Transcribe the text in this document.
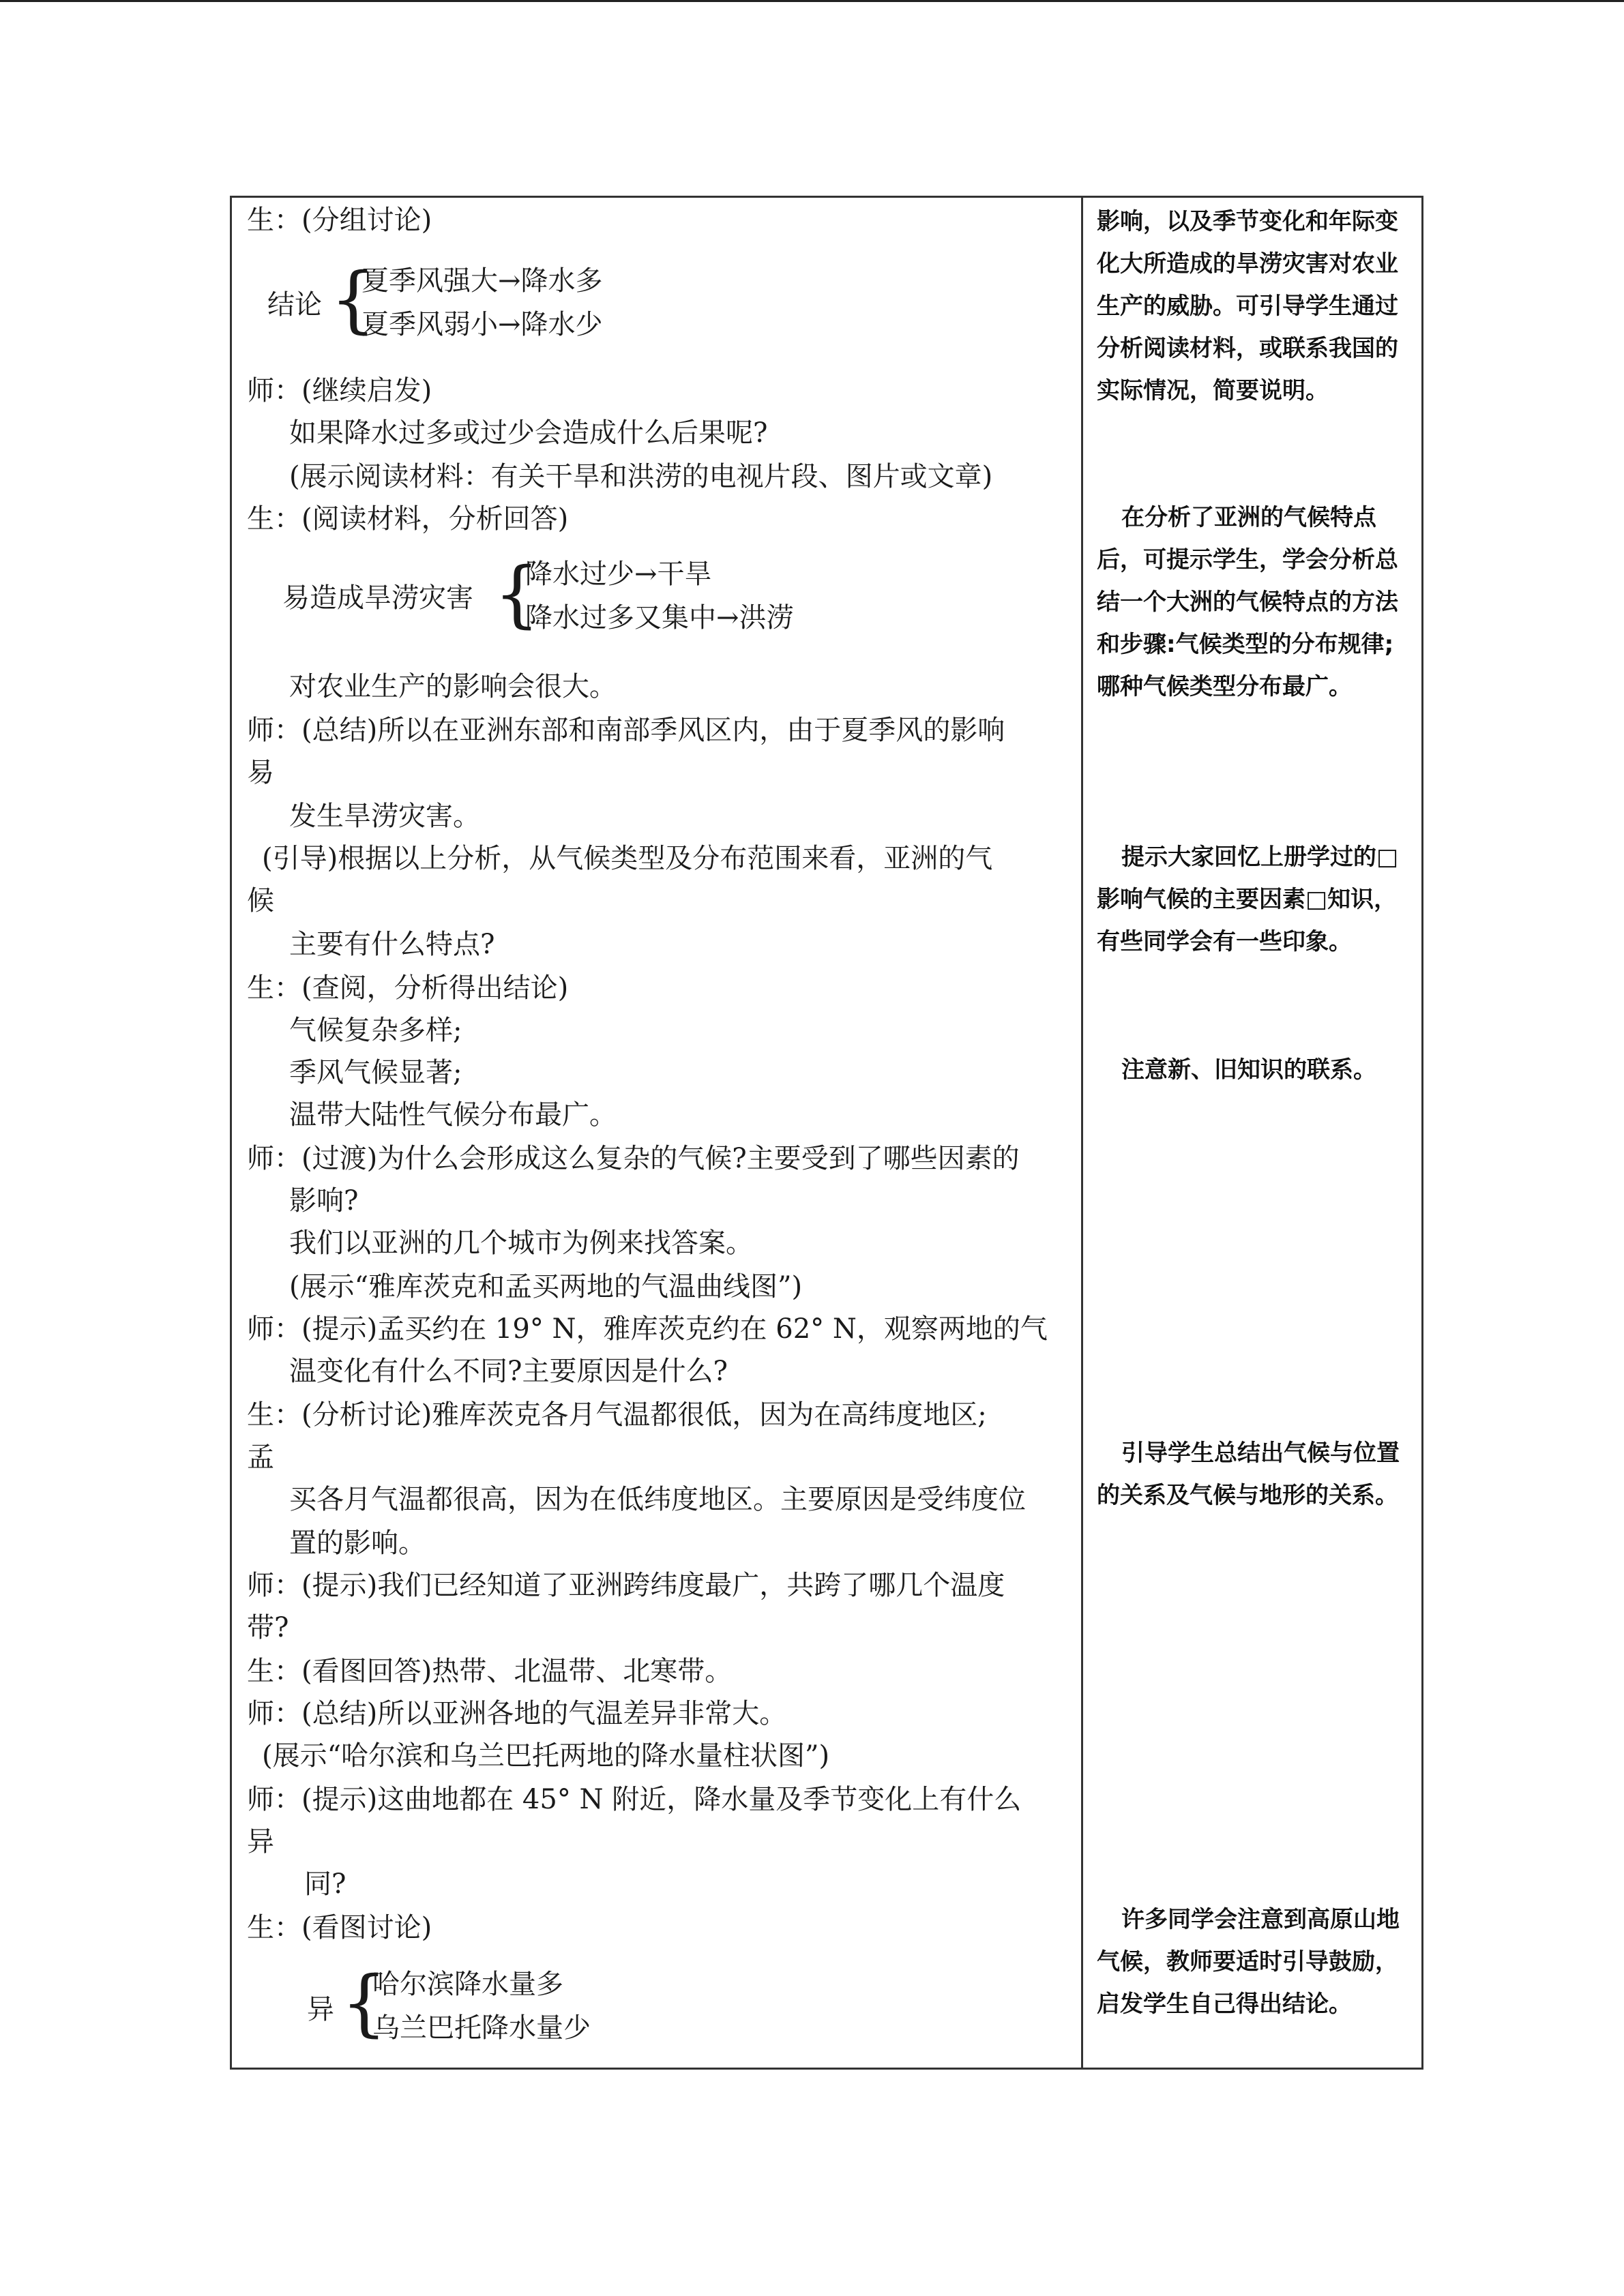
生：(分组讨论)
结论 {
夏季风强大→降水多
夏季风弱小→降水少
师：(继续启发)
如果降水过多或过少会造成什么后果呢?
(展示阅读材料：有关干旱和洪涝的电视片段、图片或文章)
生：(阅读材料，分析回答)
易造成旱涝灾害 {
降水过少→干旱
降水过多又集中→洪涝
对农业生产的影响会很大。
师：(总结)所以在亚洲东部和南部季风区内，由于夏季风的影响
易
发生旱涝灾害。
(引导)根据以上分析，从气候类型及分布范围来看，亚洲的气
候
主要有什么特点?
生：(查阅，分析得出结论)
气候复杂多样;
季风气候显著;
温带大陆性气候分布最广。
师：(过渡)为什么会形成这么复杂的气候?主要受到了哪些因素的
影响?
我们以亚洲的几个城市为例来找答案。
(展示“雅库茨克和孟买两地的气温曲线图”)
师：(提示)孟买约在 19° N，雅库茨克约在 62° N，观察两地的气
温变化有什么不同?主要原因是什么?
生：(分析讨论)雅库茨克各月气温都很低，因为在高纬度地区;
孟
买各月气温都很高，因为在低纬度地区。主要原因是受纬度位
置的影响。
师：(提示)我们已经知道了亚洲跨纬度最广，共跨了哪几个温度
带?
生：(看图回答)热带、北温带、北寒带。
师：(总结)所以亚洲各地的气温差异非常大。
(展示“哈尔滨和乌兰巴托两地的降水量柱状图”)
师：(提示)这曲地都在 45° N 附近，降水量及季节变化上有什么
异
同?
生：(看图讨论)
异 {
哈尔滨降水量多
乌兰巴托降水量少

影响，以及季节变化和年际变化大所造成的旱涝灾害对农业生产的威胁。可引导学生通过分析阅读材料，或联系我国的实际情况，简要说明。

在分析了亚洲的气候特点后，可提示学生，学会分析总结一个大洲的气候特点的方法和步骤:气候类型的分布规律;哪种气候类型分布最广。

提示大家回忆上册学过的□影响气候的主要因素□知识，有些同学会有一些印象。

注意新、旧知识的联系。

引导学生总结出气候与位置的关系及气候与地形的关系。

许多同学会注意到高原山地气候，教师要适时引导鼓励，启发学生自己得出结论。
